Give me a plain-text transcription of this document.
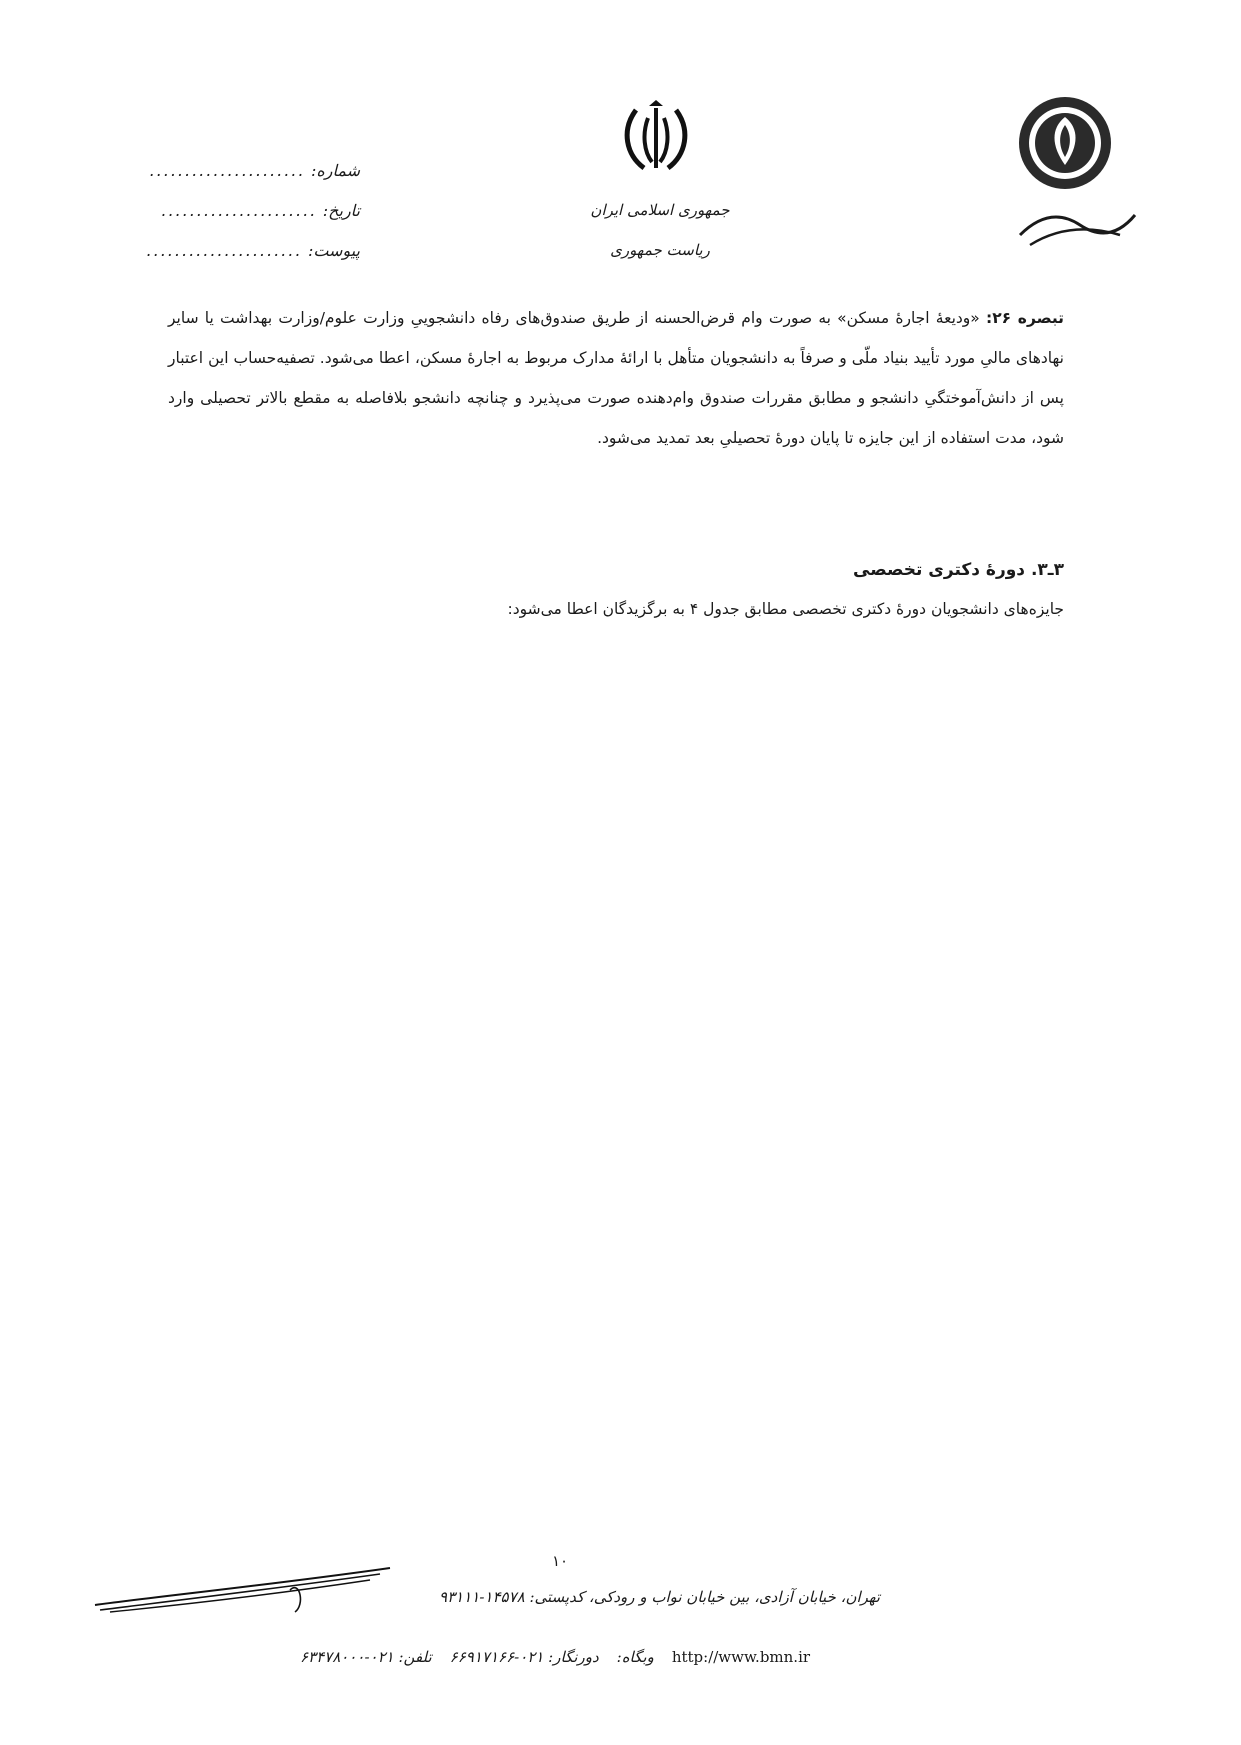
جمهوری اسلامی ایران
ریاست جمهوری
شماره:
......................
تاریخ:
......................
پیوست:
......................
تبصره ۲۶: «ودیعهٔ اجارهٔ مسکن» به صورت وام قرض‌الحسنه از طریق صندوق‌های رفاه دانشجوییِ وزارت علوم/وزارت بهداشت یا سایر نهادهای مالیِ مورد تأیید بنیاد ملّی و صرفاً به دانشجویان متأهل با ارائهٔ مدارک مربوط به اجارهٔ مسکن، اعطا می‌شود. تصفیه‌حساب این اعتبار پس از دانش‌آموختگیِ دانشجو و مطابق مقررات صندوق وام‌دهنده صورت می‌پذیرد و چنانچه دانشجو بلافاصله به مقطع بالاتر تحصیلی وارد شود، مدت استفاده از این جایزه تا پایان دورهٔ تحصیلیِ بعد تمدید می‌شود.
۳ـ۳. دورهٔ دکتری تخصصی
جایزه‌های دانشجویان دورهٔ دکتری تخصصی مطابق جدول ۴ به برگزیدگان اعطا می‌شود:
۱۰
تهران، خیابان آزادی، بین خیابان نواب و رودکی، کدپستی: ۱۴۵۷۸-۹۳۱۱۱
تلفن: ۰۲۱-۶۳۴۷۸۰۰۰ دورنگار: ۰۲۱-۶۶۹۱۷۱۶۶ وبگاه: http://www.bmn.ir
